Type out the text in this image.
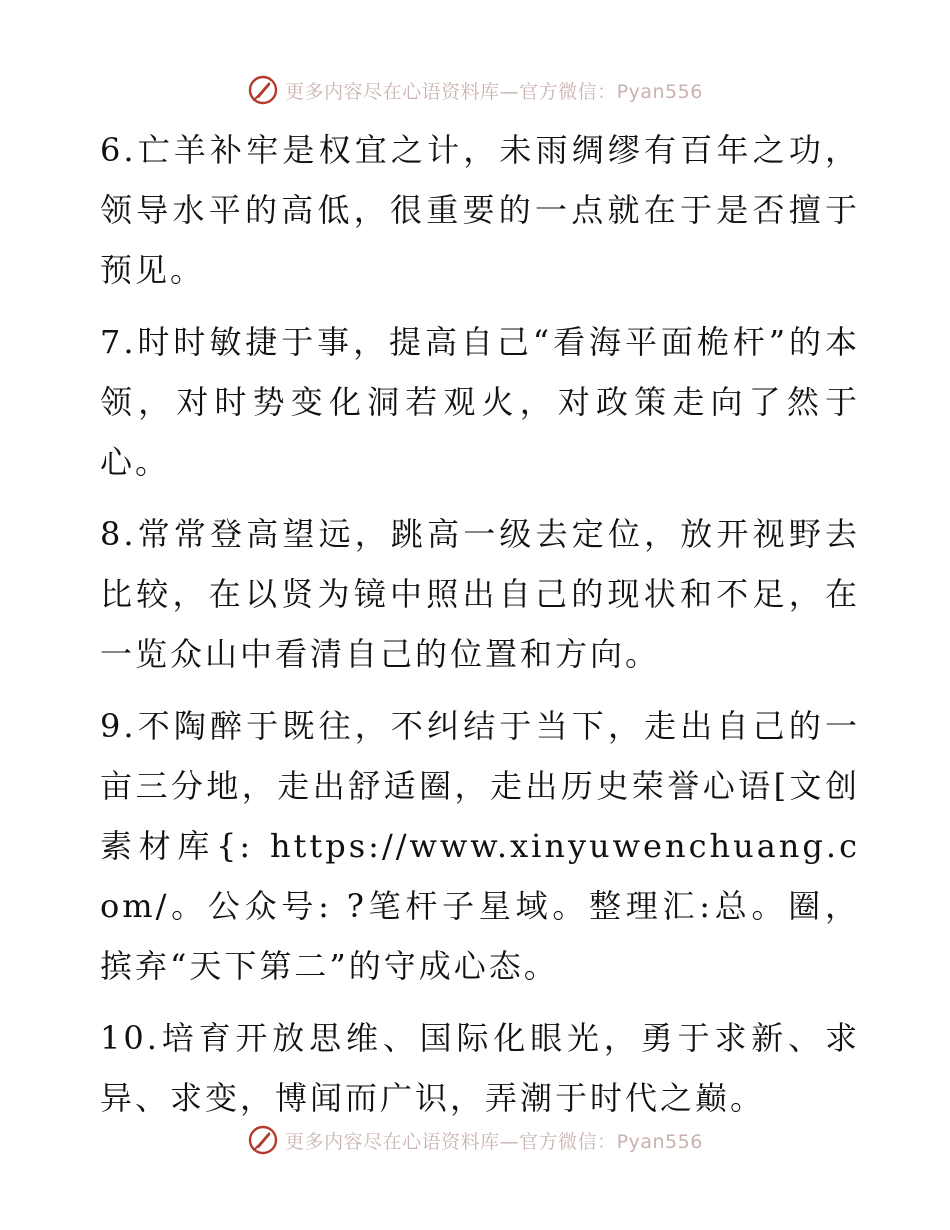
更多内容尽在心语资料库—官方微信：Pyan556

6.亡羊补牢是权宜之计，未雨绸缪有百年之功，领导水平的高低，很重要的一点就在于是否擅于预见。

7.时时敏捷于事，提高自己“看海平面桅杆”的本领，对时势变化洞若观火，对政策走向了然于心。

8.常常登高望远，跳高一级去定位，放开视野去比较，在以贤为镜中照出自己的现状和不足，在一览众山中看清自己的位置和方向。

9.不陶醉于既往，不纠结于当下，走出自己的一亩三分地，走出舒适圈，走出历史荣誉心语[文创素材库{: https://www.xinyuwenchuang.com/。公众号: ?笔杆子星域。整理汇:总。圈，摈弃“天下第二”的守成心态。

10.培育开放思维、国际化眼光，勇于求新、求异、求变，博闻而广识，弄潮于时代之巅。

更多内容尽在心语资料库—官方微信：Pyan556
